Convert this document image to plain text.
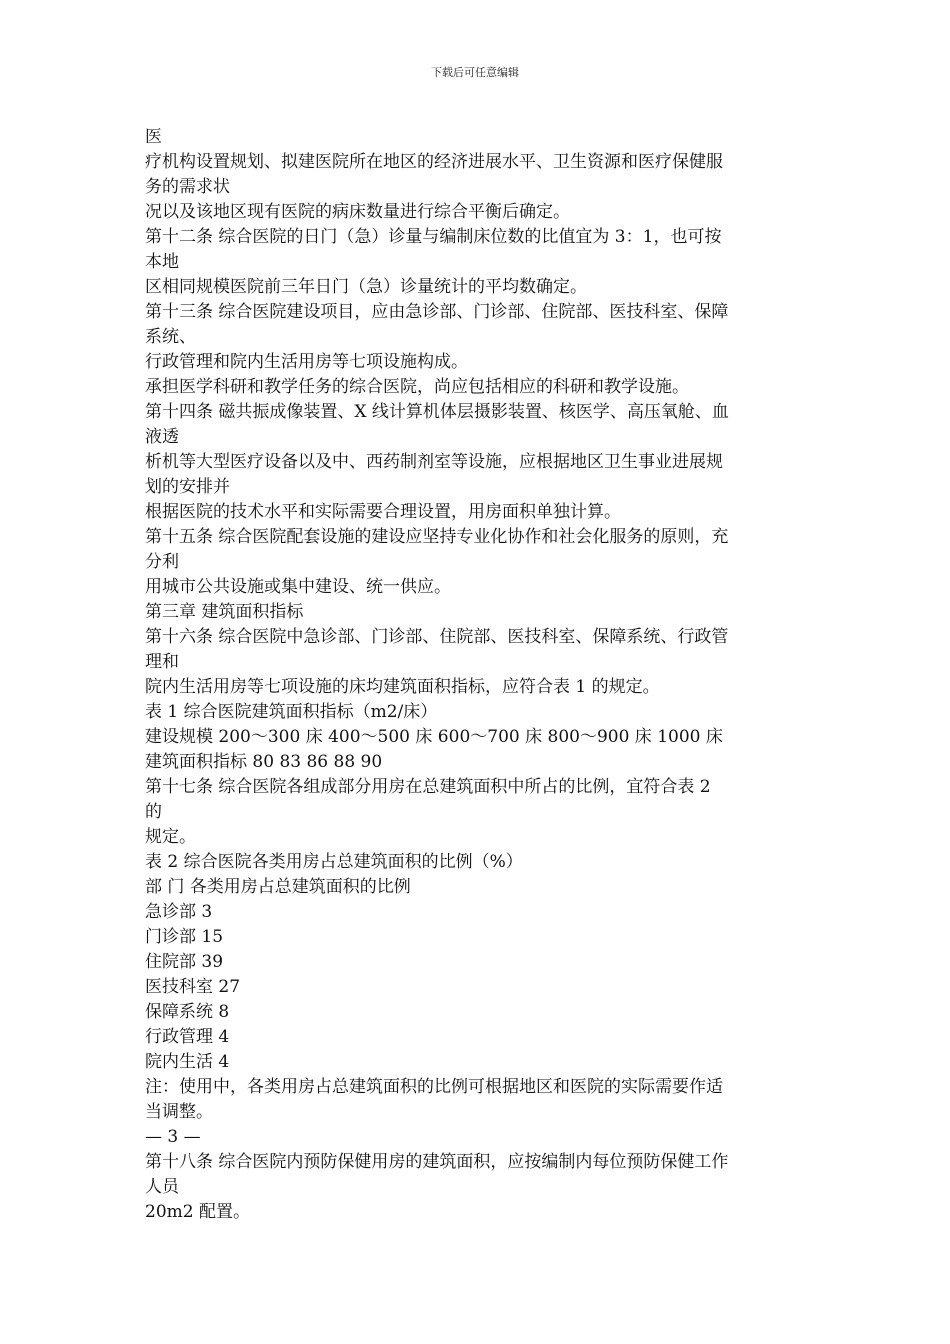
下载后可任意编辑
医
疗机构设置规划、拟建医院所在地区的经济进展水平、卫生资源和医疗保健服
务的需求状
况以及该地区现有医院的病床数量进行综合平衡后确定。
第十二条 综合医院的日门（急）诊量与编制床位数的比值宜为 3：1，也可按
本地
区相同规模医院前三年日门（急）诊量统计的平均数确定。
第十三条 综合医院建设项目，应由急诊部、门诊部、住院部、医技科室、保障
系统、
行政管理和院内生活用房等七项设施构成。
承担医学科研和教学任务的综合医院，尚应包括相应的科研和教学设施。
第十四条 磁共振成像装置、X 线计算机体层摄影装置、核医学、高压氧舱、血
液透
析机等大型医疗设备以及中、西药制剂室等设施，应根据地区卫生事业进展规
划的安排并
根据医院的技术水平和实际需要合理设置，用房面积单独计算。
第十五条 综合医院配套设施的建设应坚持专业化协作和社会化服务的原则，充
分利
用城市公共设施或集中建设、统一供应。
第三章 建筑面积指标
第十六条 综合医院中急诊部、门诊部、住院部、医技科室、保障系统、行政管
理和
院内生活用房等七项设施的床均建筑面积指标，应符合表 1 的规定。
表 1 综合医院建筑面积指标（m2/床）
建设规模 200～300 床 400～500 床 600～700 床 800～900 床 1000 床
建筑面积指标 80 83 86 88 90
第十七条 综合医院各组成部分用房在总建筑面积中所占的比例，宜符合表 2
的
规定。
表 2 综合医院各类用房占总建筑面积的比例（%）
部 门 各类用房占总建筑面积的比例
急诊部 3
门诊部 15
住院部 39
医技科室 27
保障系统 8
行政管理 4
院内生活 4
注：使用中，各类用房占总建筑面积的比例可根据地区和医院的实际需要作适
当调整。
— 3 —
第十八条 综合医院内预防保健用房的建筑面积，应按编制内每位预防保健工作
人员
20m2 配置。
